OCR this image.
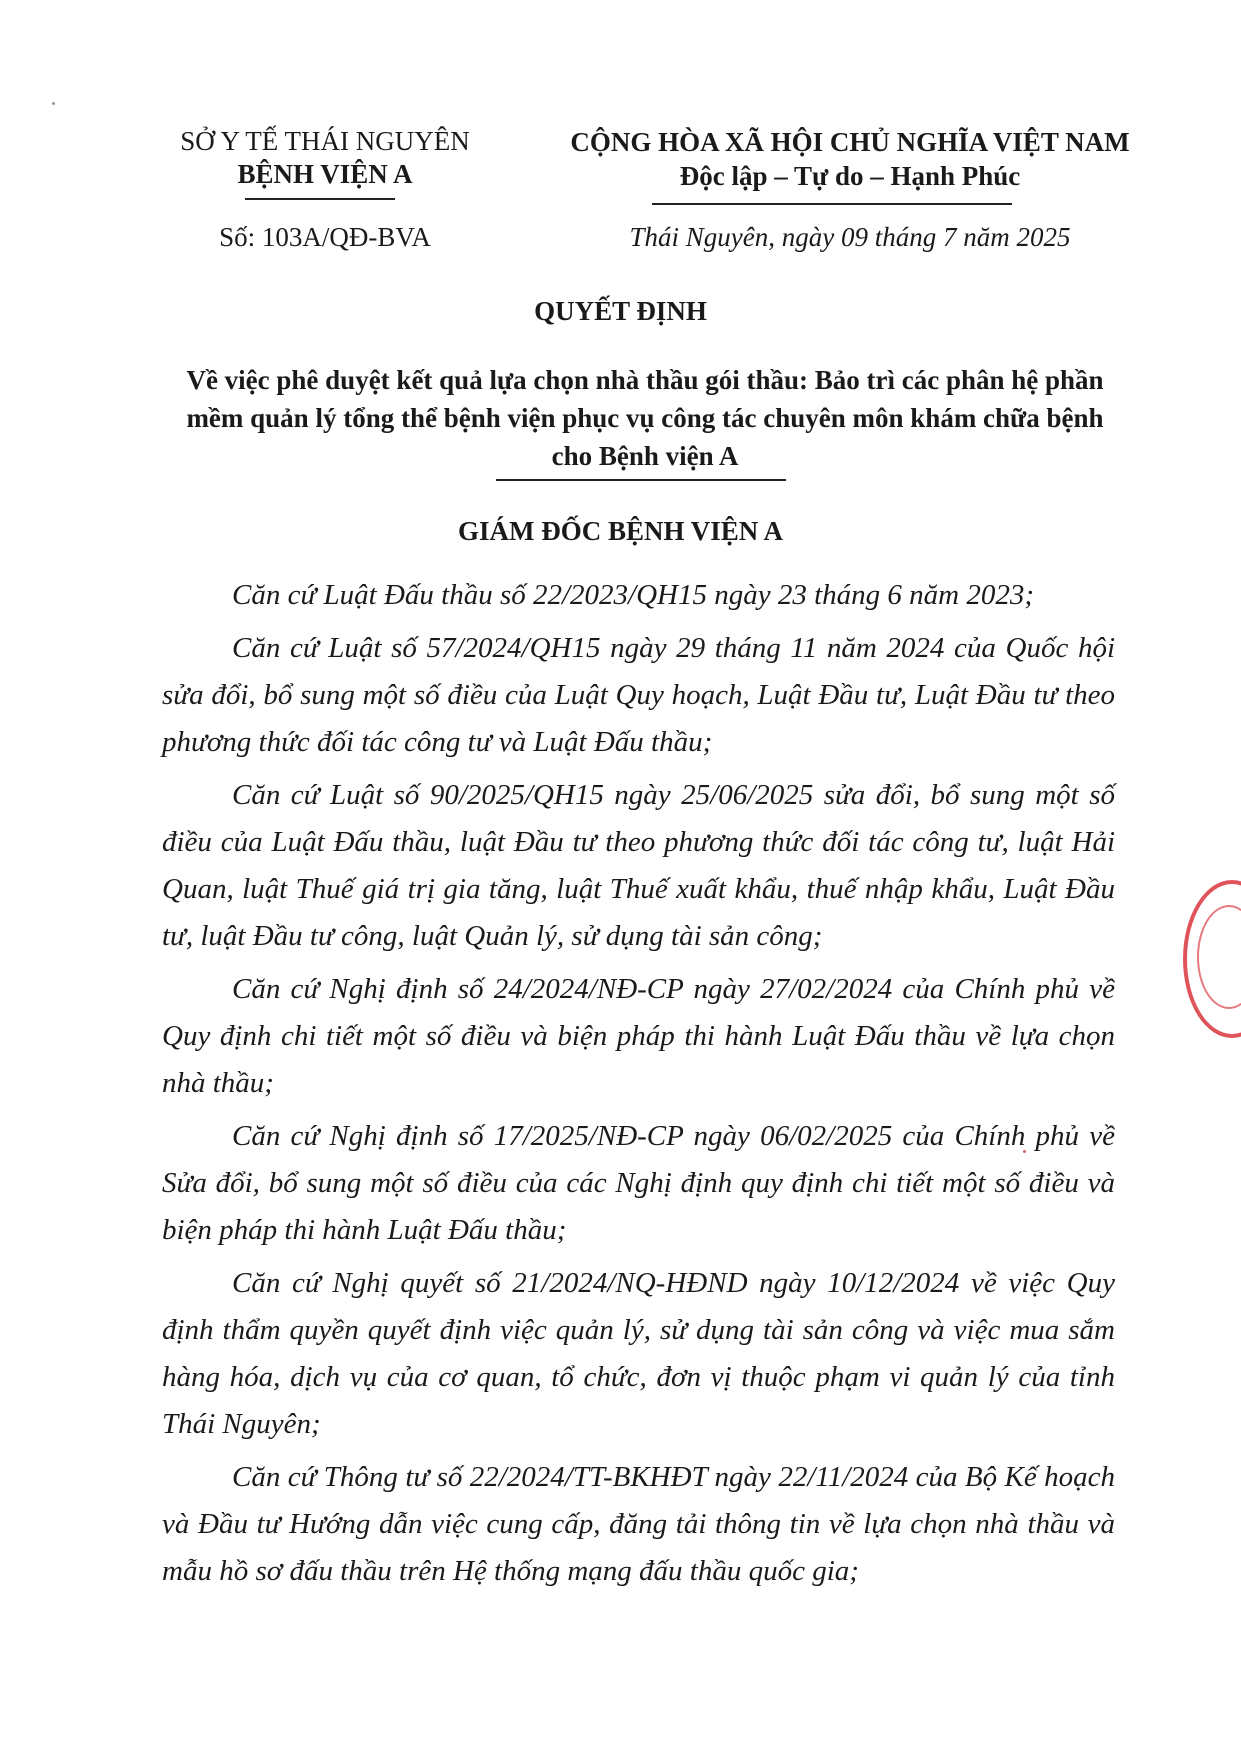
SỞ Y TẾ THÁI NGUYÊN
BỆNH VIỆN A
Số: 103A/QĐ-BVA
CỘNG HÒA XÃ HỘI CHỦ NGHĨA VIỆT NAM
Độc lập – Tự do – Hạnh Phúc
Thái Nguyên, ngày 09 tháng 7 năm 2025
QUYẾT ĐỊNH
Về việc phê duyệt kết quả lựa chọn nhà thầu gói thầu: Bảo trì các phân hệ phần mềm quản lý tổng thể bệnh viện phục vụ công tác chuyên môn khám chữa bệnh cho Bệnh viện A
GIÁM ĐỐC BỆNH VIỆN A

Căn cứ Luật Đấu thầu số 22/2023/QH15 ngày 23 tháng 6 năm 2023;

Căn cứ Luật số 57/2024/QH15 ngày 29 tháng 11 năm 2024 của Quốc hội sửa đổi, bổ sung một số điều của Luật Quy hoạch, Luật Đầu tư, Luật Đầu tư theo phương thức đối tác công tư và Luật Đấu thầu;

Căn cứ Luật số 90/2025/QH15 ngày 25/06/2025 sửa đổi, bổ sung một số điều của Luật Đấu thầu, luật Đầu tư theo phương thức đối tác công tư, luật Hải Quan, luật Thuế giá trị gia tăng, luật Thuế xuất khẩu, thuế nhập khẩu, Luật Đầu tư, luật Đầu tư công, luật Quản lý, sử dụng tài sản công;

Căn cứ Nghị định số 24/2024/NĐ-CP ngày 27/02/2024 của Chính phủ về Quy định chi tiết một số điều và biện pháp thi hành Luật Đấu thầu về lựa chọn nhà thầu;

Căn cứ Nghị định số 17/2025/NĐ-CP ngày 06/02/2025 của Chính phủ về Sửa đổi, bổ sung một số điều của các Nghị định quy định chi tiết một số điều và biện pháp thi hành Luật Đấu thầu;

Căn cứ Nghị quyết số 21/2024/NQ-HĐND ngày 10/12/2024 về việc Quy định thẩm quyền quyết định việc quản lý, sử dụng tài sản công và việc mua sắm hàng hóa, dịch vụ của cơ quan, tổ chức, đơn vị thuộc phạm vi quản lý của tỉnh Thái Nguyên;

Căn cứ Thông tư số 22/2024/TT-BKHĐT ngày 22/11/2024 của Bộ Kế hoạch và Đầu tư Hướng dẫn việc cung cấp, đăng tải thông tin về lựa chọn nhà thầu và mẫu hồ sơ đấu thầu trên Hệ thống mạng đấu thầu quốc gia;
